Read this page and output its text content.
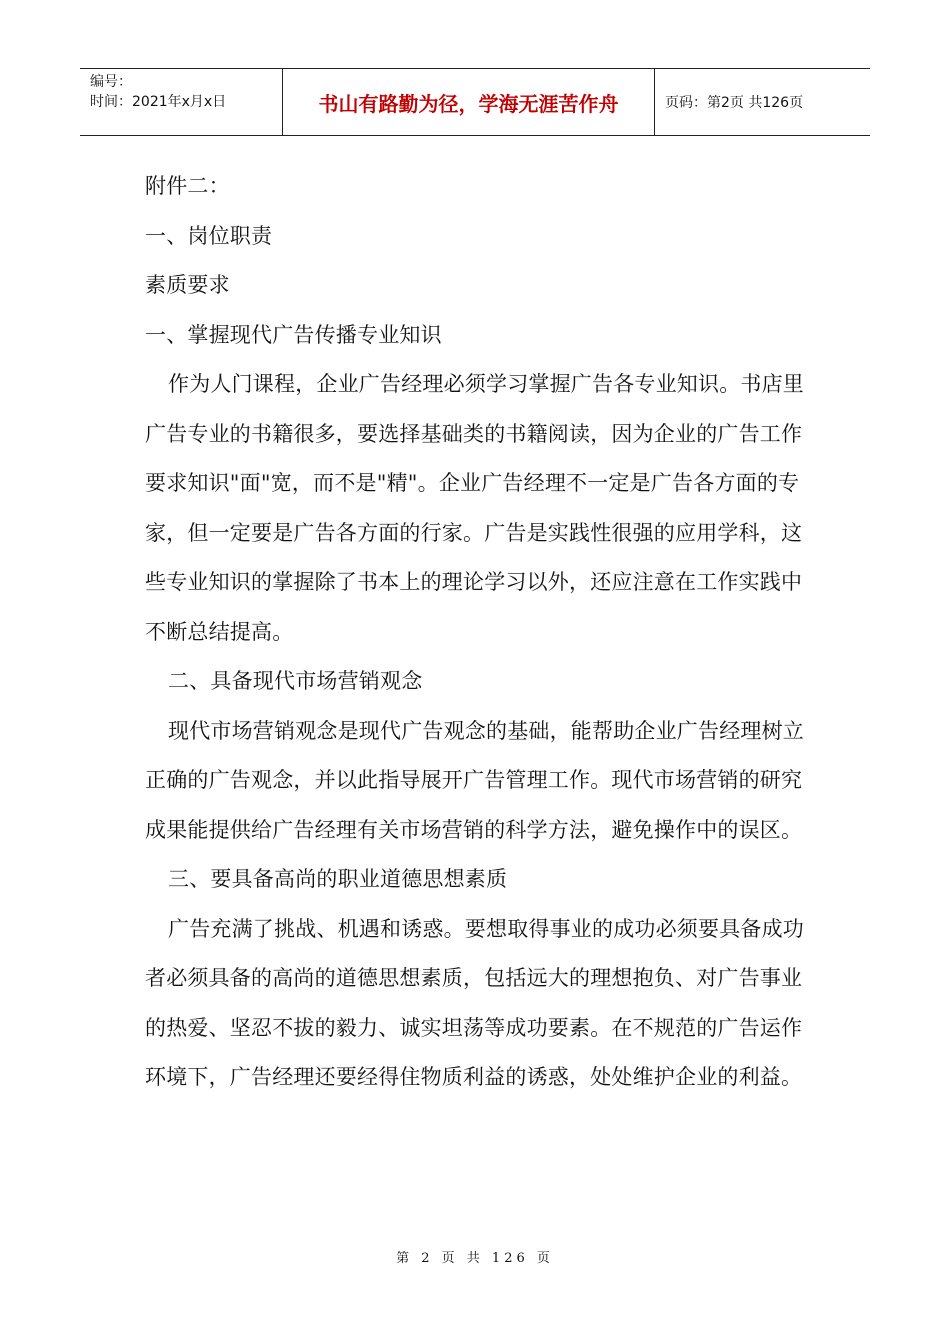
编号：
时间：2021年x月x日	书山有路勤为径，学海无涯苦作舟	页码：第2页 共126页

附件二：

一、岗位职责

素质要求

一、掌握现代广告传播专业知识

作为人门课程，企业广告经理必须学习掌握广告各专业知识。书店里广告专业的书籍很多，要选择基础类的书籍阅读，因为企业的广告工作要求知识"面"宽，而不是"精"。企业广告经理不一定是广告各方面的专家，但一定要是广告各方面的行家。广告是实践性很强的应用学科，这些专业知识的掌握除了书本上的理论学习以外，还应注意在工作实践中不断总结提高。

二、具备现代市场营销观念

现代市场营销观念是现代广告观念的基础，能帮助企业广告经理树立正确的广告观念，并以此指导展开广告管理工作。现代市场营销的研究成果能提供给广告经理有关市场营销的科学方法，避免操作中的误区。

三、要具备高尚的职业道德思想素质

广告充满了挑战、机遇和诱惑。要想取得事业的成功必须要具备成功者必须具备的高尚的道德思想素质，包括远大的理想抱负、对广告事业的热爱、坚忍不拔的毅力、诚实坦荡等成功要素。在不规范的广告运作环境下，广告经理还要经得住物质利益的诱惑，处处维护企业的利益。

第 2 页 共 126 页
